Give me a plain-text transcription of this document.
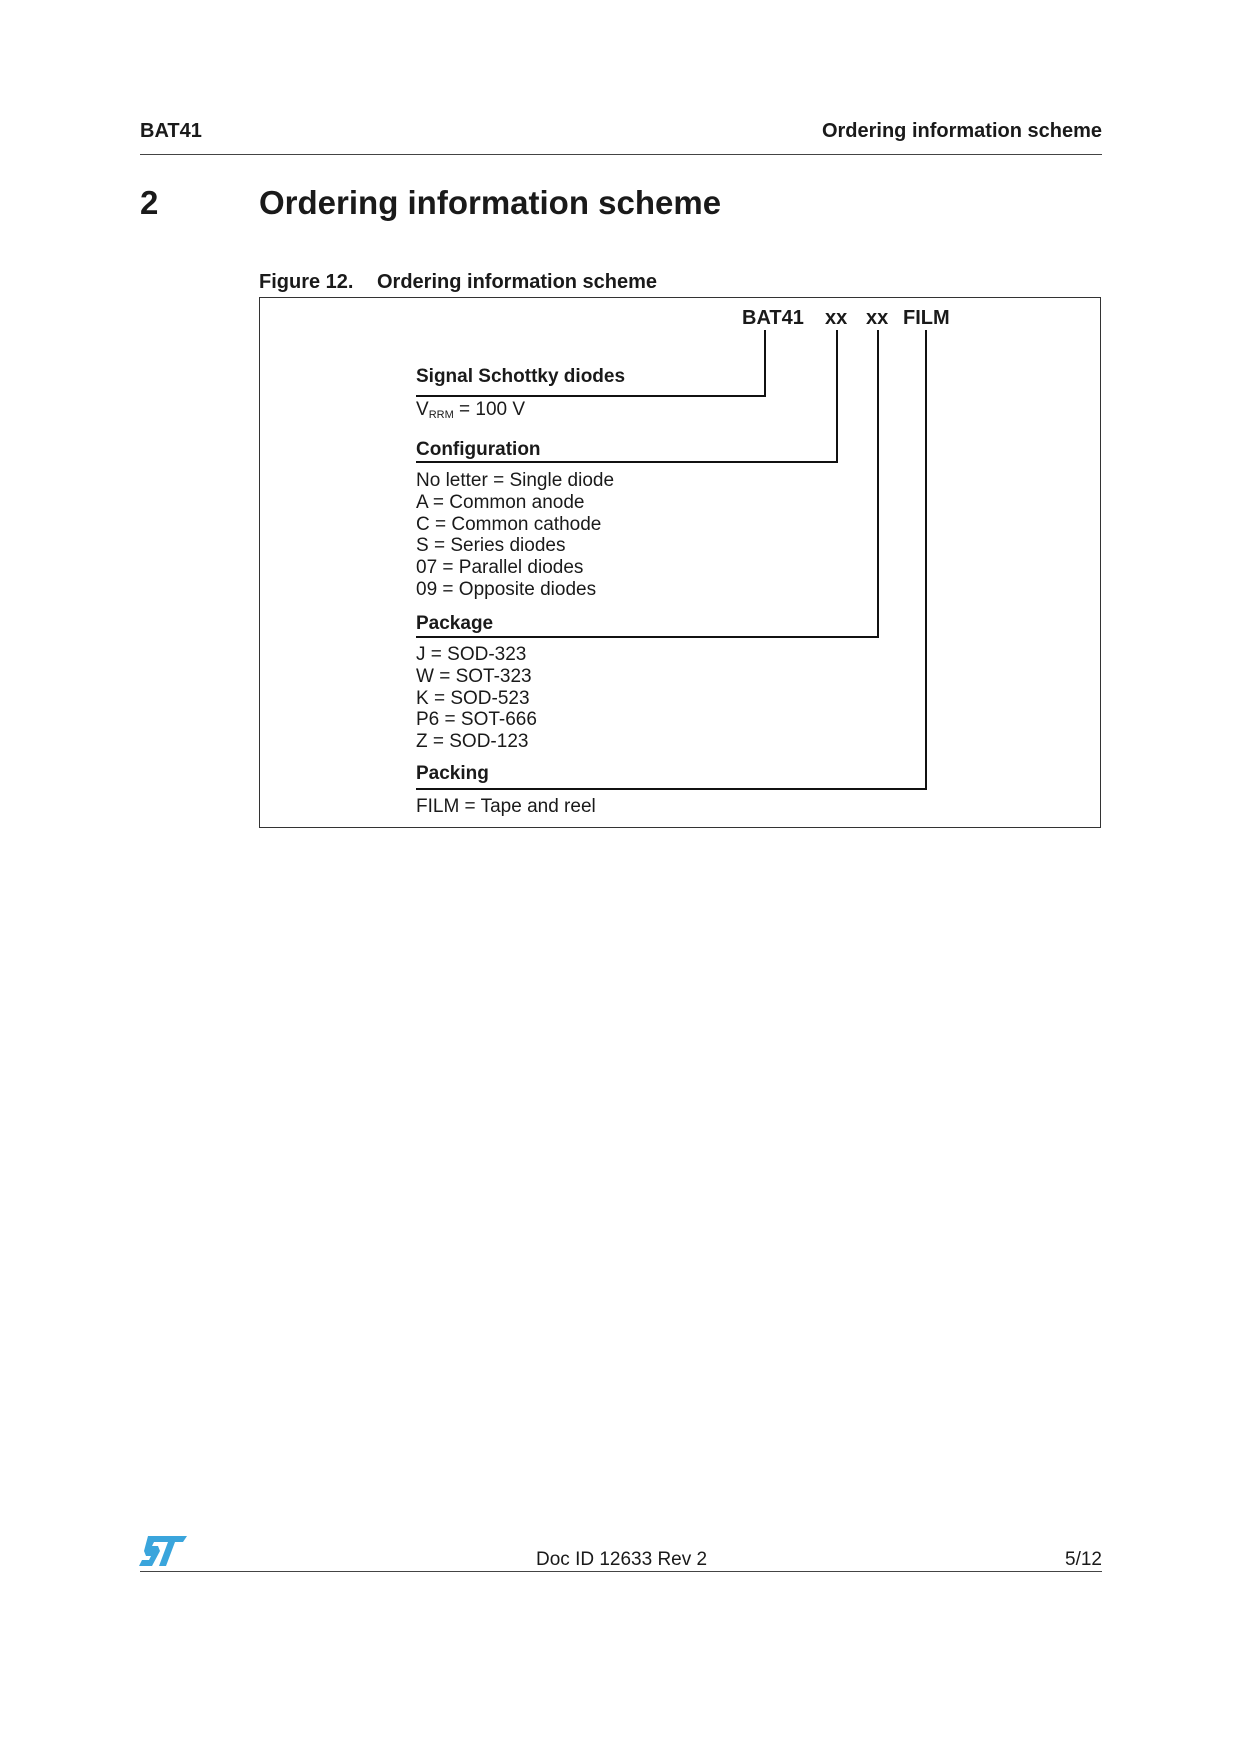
BAT41	Ordering information scheme
2	Ordering information scheme
Figure 12. Ordering information scheme
BAT41 xx xx FILM
Signal Schottky diodes
$V_{RRM} = 100$ V
Configuration
No letter = Single diode
A = Common anode
C = Common cathode
S = Series diodes
07 = Parallel diodes
09 = Opposite diodes
Package
J = SOD-323
W = SOT-323
K = SOD-523
P6 = SOT-666
Z = SOD-123
Packing
FILM = Tape and reel
Doc ID 12633 Rev 2	5/12
